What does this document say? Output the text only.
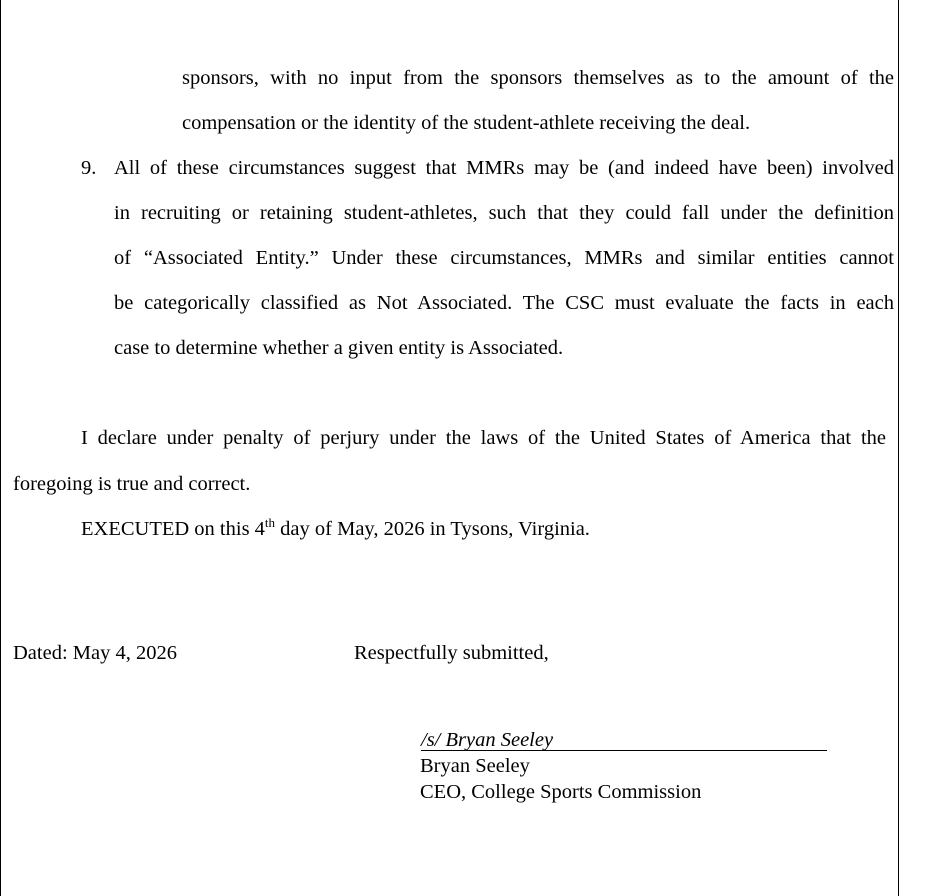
sponsors, with no input from the sponsors themselves as to the amount of the
compensation or the identity of the student-athlete receiving the deal.
9. All of these circumstances suggest that MMRs may be (and indeed have been) involved
in recruiting or retaining student-athletes, such that they could fall under the definition
of “Associated Entity.” Under these circumstances, MMRs and similar entities cannot
be categorically classified as Not Associated. The CSC must evaluate the facts in each
case to determine whether a given entity is Associated.
I declare under penalty of perjury under the laws of the United States of America that the
foregoing is true and correct.
EXECUTED on this 4th day of May, 2026 in Tysons, Virginia.
Dated: May 4, 2026	Respectfully submitted,
/s/ Bryan Seeley
Bryan Seeley
CEO, College Sports Commission
